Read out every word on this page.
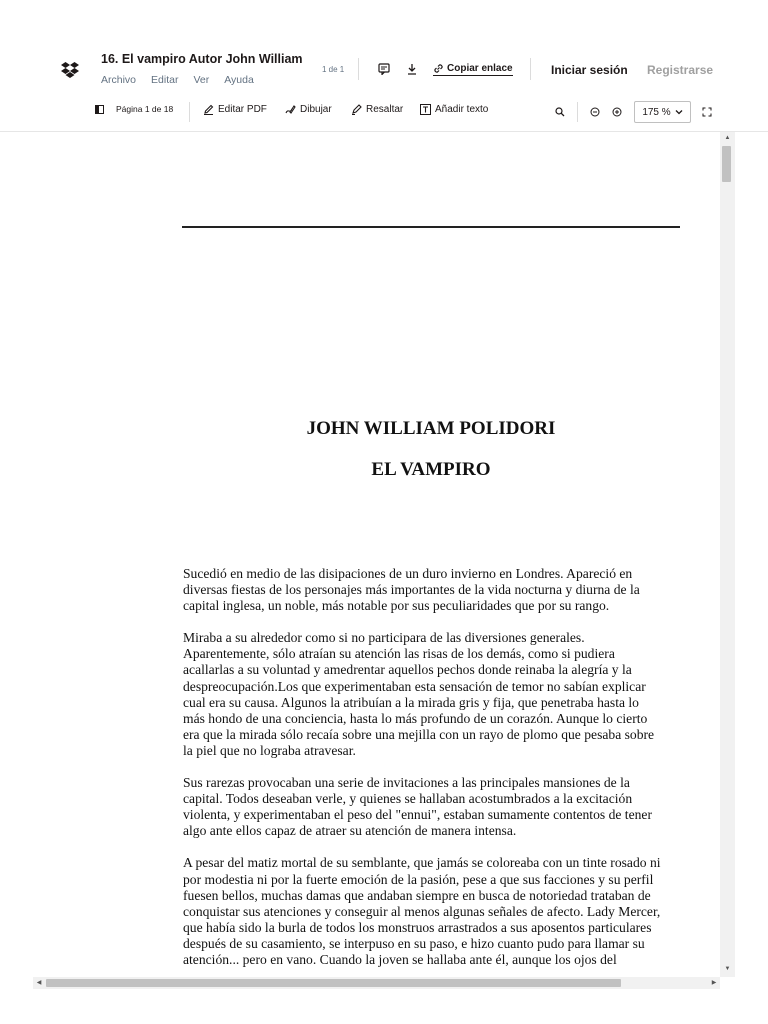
16. El vampiro Autor John William
Archivo Editar Ver Ayuda
1 de 1	Copiar enlace	Iniciar sesión Registrarse
Página 1 de 18	Editar PDF	Dibujar	Resaltar	Añadir texto	175 %
JOHN WILLIAM POLIDORI
EL VAMPIRO
Sucedió en medio de las disipaciones de un duro invierno en Londres. Apareció en
diversas fiestas de los personajes más importantes de la vida nocturna y diurna de la
capital inglesa, un noble, más notable por sus peculiaridades que por su rango.
Miraba a su alrededor como si no participara de las diversiones generales.
Aparentemente, sólo atraían su atención las risas de los demás, como si pudiera
acallarlas a su voluntad y amedrentar aquellos pechos donde reinaba la alegría y la
despreocupación.Los que experimentaban esta sensación de temor no sabían explicar
cual era su causa. Algunos la atribuían a la mirada gris y fija, que penetraba hasta lo
más hondo de una conciencia, hasta lo más profundo de un corazón. Aunque lo cierto
era que la mirada sólo recaía sobre una mejilla con un rayo de plomo que pesaba sobre
la piel que no lograba atravesar.
Sus rarezas provocaban una serie de invitaciones a las principales mansiones de la
capital. Todos deseaban verle, y quienes se hallaban acostumbrados a la excitación
violenta, y experimentaban el peso del "ennui", estaban sumamente contentos de tener
algo ante ellos capaz de atraer su atención de manera intensa.
A pesar del matiz mortal de su semblante, que jamás se coloreaba con un tinte rosado ni
por modestia ni por la fuerte emoción de la pasión, pese a que sus facciones y su perfil
fuesen bellos, muchas damas que andaban siempre en busca de notoriedad trataban de
conquistar sus atenciones y conseguir al menos algunas señales de afecto. Lady Mercer,
que había sido la burla de todos los monstruos arrastrados a sus aposentos particulares
después de su casamiento, se interpuso en su paso, e hizo cuanto pudo para llamar su
atención... pero en vano. Cuando la joven se hallaba ante él, aunque los ojos del
▲
▼
◀	▶
